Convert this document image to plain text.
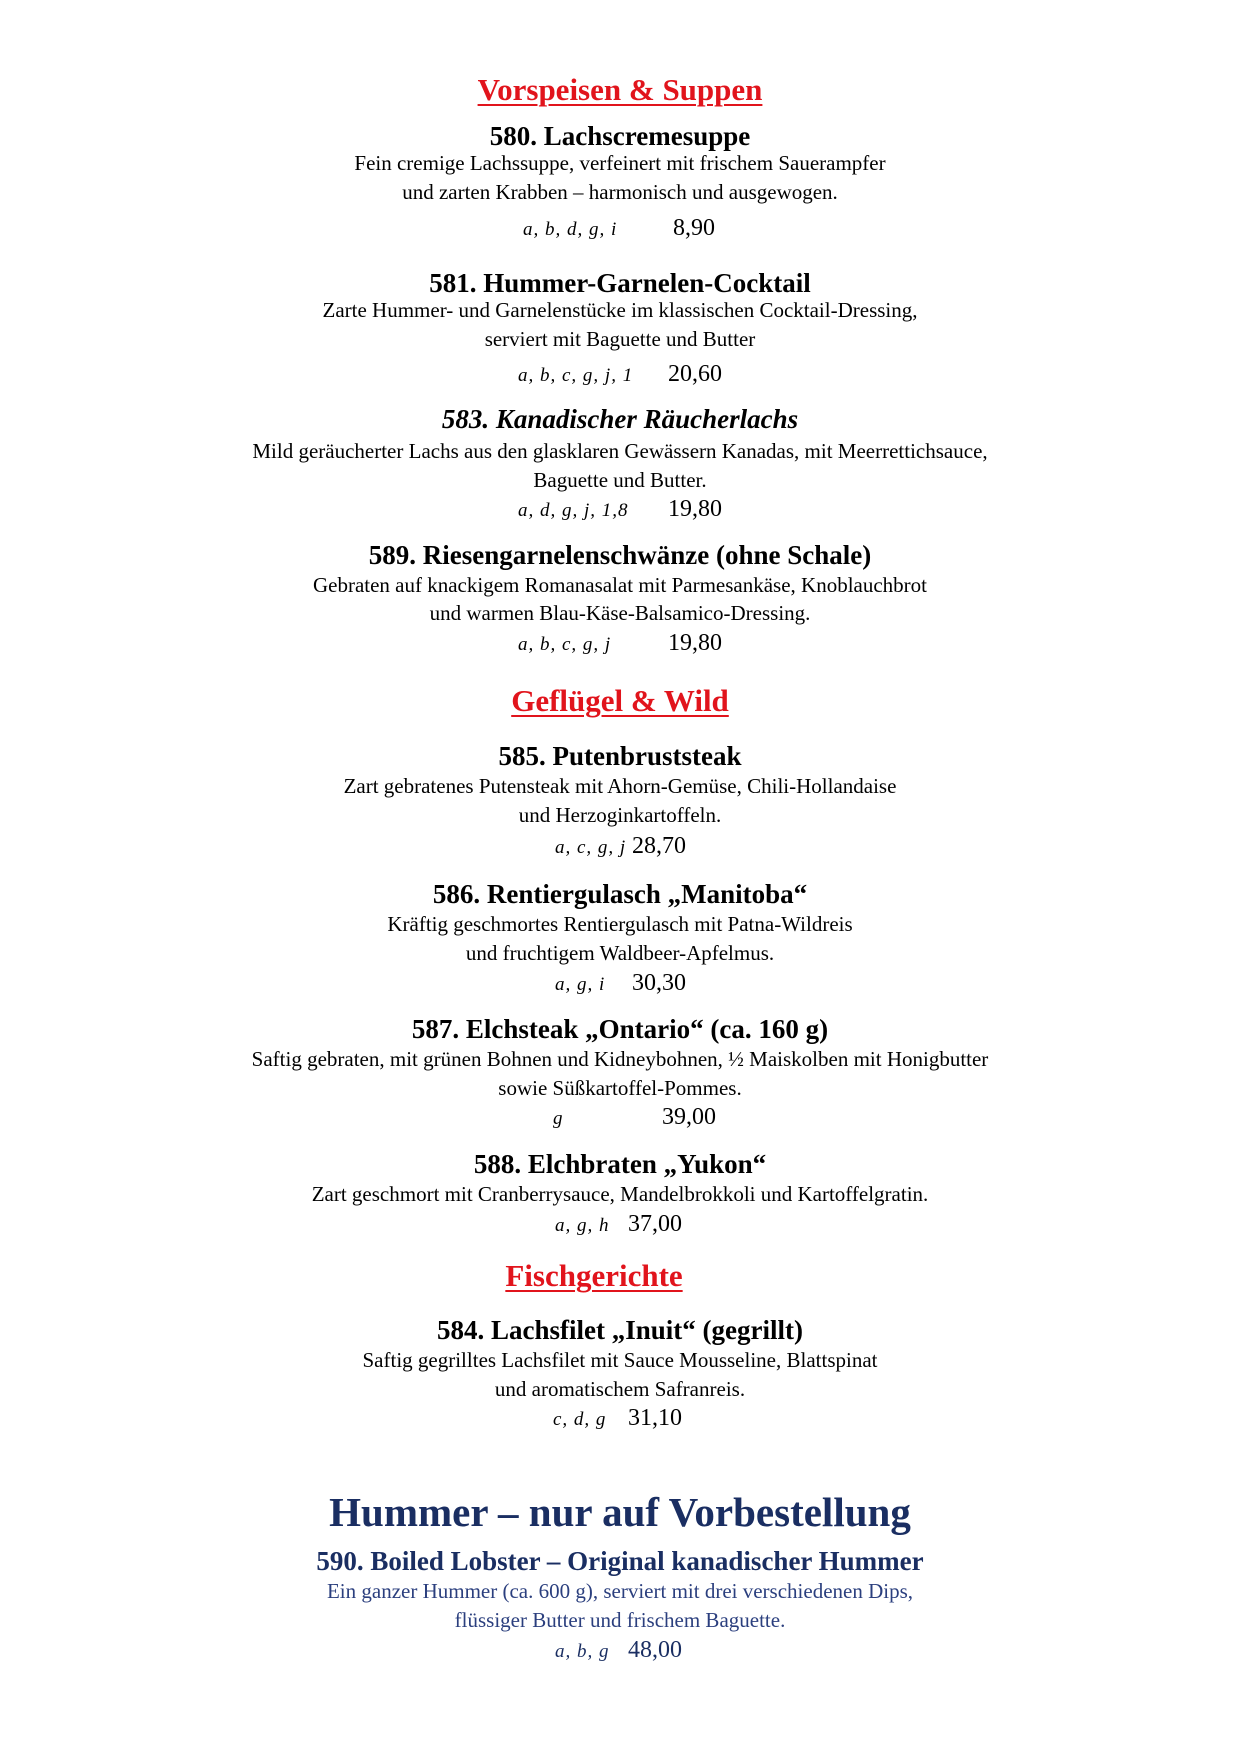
Vorspeisen & Suppen
580. Lachscremesuppe
Fein cremige Lachssuppe, verfeinert mit frischem Sauerampfer
und zarten Krabben – harmonisch und ausgewogen.
a, b, d, g, i 8,90
581. Hummer-Garnelen-Cocktail
Zarte Hummer- und Garnelenstücke im klassischen Cocktail-Dressing,
serviert mit Baguette und Butter
a, b, c, g, j, 1 20,60
583. Kanadischer Räucherlachs
Mild geräucherter Lachs aus den glasklaren Gewässern Kanadas, mit Meerrettichsauce,
Baguette und Butter.
a, d, g, j, 1,8 19,80
589. Riesengarnelenschwänze (ohne Schale)
Gebraten auf knackigem Romanasalat mit Parmesankäse, Knoblauchbrot
und warmen Blau-Käse-Balsamico-Dressing.
a, b, c, g, j 19,80
Geflügel & Wild
585. Putenbruststeak
Zart gebratenes Putensteak mit Ahorn-Gemüse, Chili-Hollandaise
und Herzoginkartoffeln.
a, c, g, j 28,70
586. Rentiergulasch „Manitoba“
Kräftig geschmortes Rentiergulasch mit Patna-Wildreis
und fruchtigem Waldbeer-Apfelmus.
a, g, i 30,30
587. Elchsteak „Ontario“ (ca. 160 g)
Saftig gebraten, mit grünen Bohnen und Kidneybohnen, ½ Maiskolben mit Honigbutter
sowie Süßkartoffel-Pommes.
g	39,00
588. Elchbraten „Yukon“
Zart geschmort mit Cranberrysauce, Mandelbrokkoli und Kartoffelgratin.
a, g, h 37,00
Fischgerichte
584. Lachsfilet „Inuit“ (gegrillt)
Saftig gegrilltes Lachsfilet mit Sauce Mousseline, Blattspinat
und aromatischem Safranreis.
c, d, g 31,10
Hummer – nur auf Vorbestellung
590. Boiled Lobster – Original kanadischer Hummer
Ein ganzer Hummer (ca. 600 g), serviert mit drei verschiedenen Dips,
flüssiger Butter und frischem Baguette.
a, b, g 48,00
